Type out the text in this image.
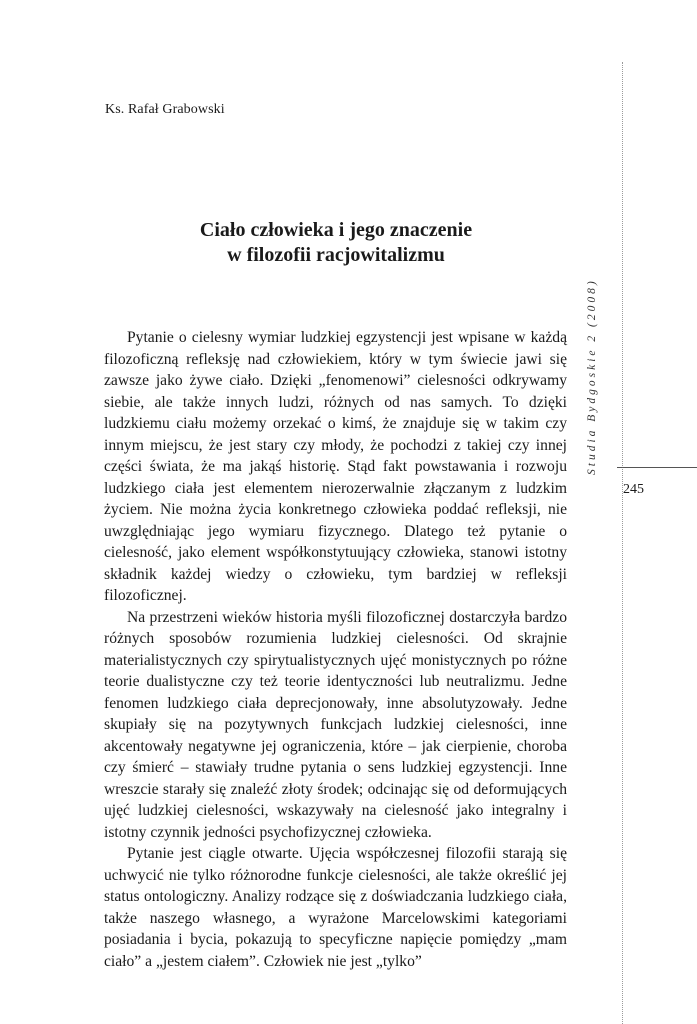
Ks. Rafał Grabowski
Ciało człowieka i jego znaczenie
w filozofii racjowitalizmu

Pytanie o cielesny wymiar ludzkiej egzystencji jest wpisane w każdą filozoficzną refleksję nad człowiekiem, który w tym świecie jawi się zawsze jako żywe ciało. Dzięki „fenomenowi” cielesności odkrywamy siebie, ale także innych ludzi, różnych od nas samych. To dzięki ludzkiemu ciału możemy orzekać o kimś, że znajduje się w takim czy innym miejscu, że jest stary czy młody, że pochodzi z takiej czy innej części świata, że ma jakąś historię. Stąd fakt powstawania i rozwoju ludzkiego ciała jest elementem nierozerwalnie złączanym z ludzkim życiem. Nie można życia konkretnego człowieka poddać refleksji, nie uwzględniając jego wymiaru fizycznego. Dlatego też pytanie o cielesność, jako element współkonstytuujący człowieka, stanowi istotny składnik każdej wiedzy o człowieku, tym bardziej w refleksji filozoficznej.

Na przestrzeni wieków historia myśli filozoficznej dostarczyła bardzo różnych sposobów rozumienia ludzkiej cielesności. Od skrajnie materialistycznych czy spirytualistycznych ujęć monistycznych po różne teorie dualistyczne czy też teorie identyczności lub neutralizmu. Jedne fenomen ludzkiego ciała deprecjonowały, inne absolutyzowały. Jedne skupiały się na pozytywnych funkcjach ludzkiej cielesności, inne akcentowały negatywne jej ograniczenia, które – jak cierpienie, choroba czy śmierć – stawiały trudne pytania o sens ludzkiej egzystencji. Inne wreszcie starały się znaleźć złoty środek; odcinając się od deformujących ujęć ludzkiej cielesności, wskazywały na cielesność jako integralny i istotny czynnik jedności psychofizycznej człowieka.

Pytanie jest ciągle otwarte. Ujęcia współczesnej filozofii starają się uchwycić nie tylko różnorodne funkcje cielesności, ale także określić jej status ontologiczny. Analizy rodzące się z doświadczania ludzkiego ciała, także naszego własnego, a wyrażone Marcelowskimi kategoriami posiadania i bycia, pokazują to specyficzne napięcie pomiędzy „mam ciało” a „jestem ciałem”. Człowiek nie jest „tylko”

Studia Bydgoskie 2 (2008)
245
